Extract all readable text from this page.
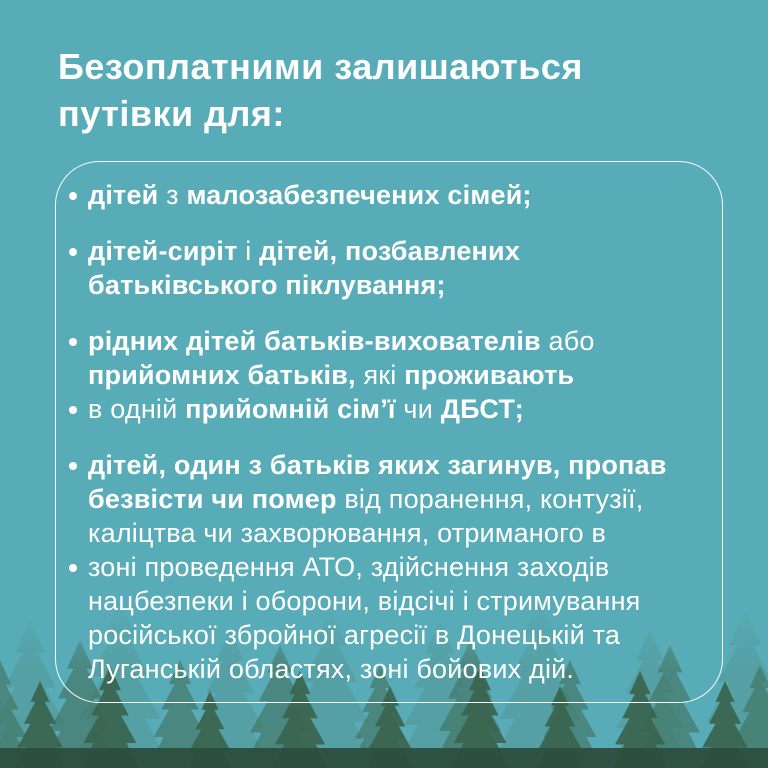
Безоплатними залишаються путівки для:

дітей з малозабезпечених сімей;

дітей-сиріт і дітей, позбавлених батьківського піклування;

рідних дітей батьків-вихователів або прийомних батьків, які проживають

в одній прийомній сім’ї чи ДБСТ;

дітей, один з батьків яких загинув, пропав безвісти чи помер від поранення, контузії, каліцтва чи захворювання, отриманого в

зоні проведення АТО, здійснення заходів нацбезпеки і оборони, відсічі і стримування російської збройної агресії в Донецькій та Луганській областях, зоні бойових дій.
